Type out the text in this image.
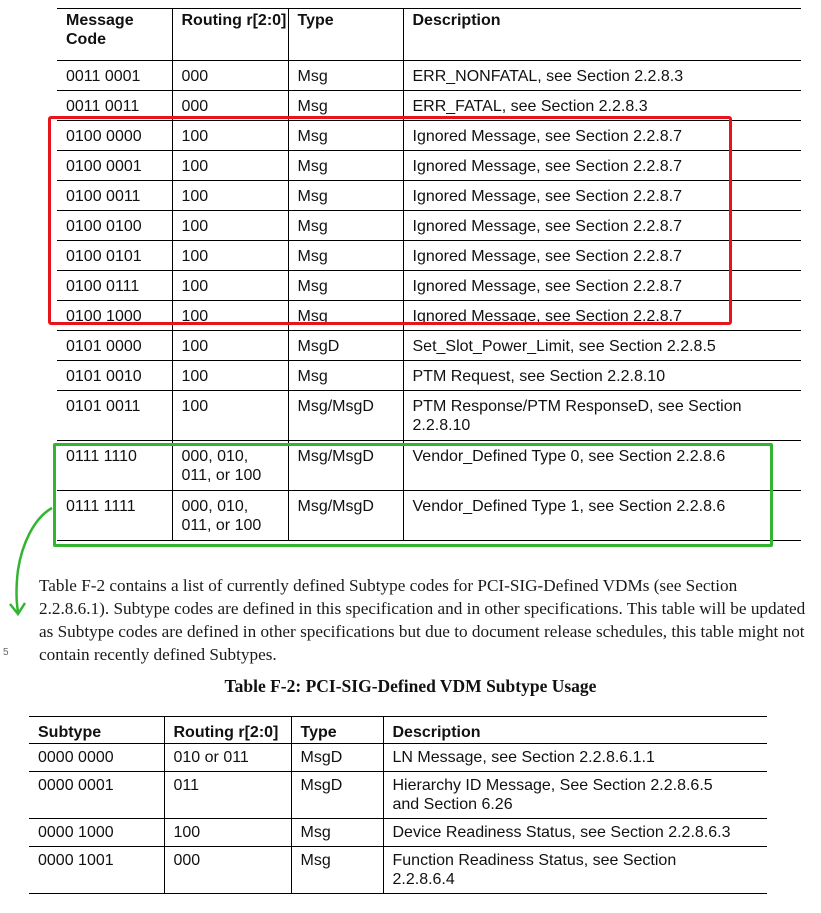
Message Code	Routing r[2:0]	Type	Description
0011 0001	000	Msg	ERR_NONFATAL, see Section 2.2.8.3
0011 0011	000	Msg	ERR_FATAL, see Section 2.2.8.3
0100 0000	100	Msg	Ignored Message, see Section 2.2.8.7
0100 0001	100	Msg	Ignored Message, see Section 2.2.8.7
0100 0011	100	Msg	Ignored Message, see Section 2.2.8.7
0100 0100	100	Msg	Ignored Message, see Section 2.2.8.7
0100 0101	100	Msg	Ignored Message, see Section 2.2.8.7
0100 0111	100	Msg	Ignored Message, see Section 2.2.8.7
0100 1000	100	Msg	Ignored Message, see Section 2.2.8.7
0101 0000	100	MsgD	Set_Slot_Power_Limit, see Section 2.2.8.5
0101 0010	100	Msg	PTM Request, see Section 2.2.8.10
0101 0011	100	Msg/MsgD	PTM Response/PTM ResponseD, see Section 2.2.8.10
0111 1110	000, 010, 011, or 100	Msg/MsgD	Vendor_Defined Type 0, see Section 2.2.8.6
0111 1111	000, 010, 011, or 100	Msg/MsgD	Vendor_Defined Type 1, see Section 2.2.8.6
5

Table F-2 contains a list of currently defined Subtype codes for PCI-SIG-Defined VDMs (see Section 2.2.8.6.1). Subtype codes are defined in this specification and in other specifications. This table will be updated as Subtype codes are defined in other specifications but due to document release schedules, this table might not contain recently defined Subtypes.

Table F-2: PCI-SIG-Defined VDM Subtype Usage
Subtype	Routing r[2:0]	Type	Description
0000 0000	010 or 011	MsgD	LN Message, see Section 2.2.8.6.1.1
0000 0001	011	MsgD	Hierarchy ID Message, See Section 2.2.8.6.5 and Section 6.26
0000 1000	100	Msg	Device Readiness Status, see Section 2.2.8.6.3
0000 1001	000	Msg	Function Readiness Status, see Section 2.2.8.6.4
